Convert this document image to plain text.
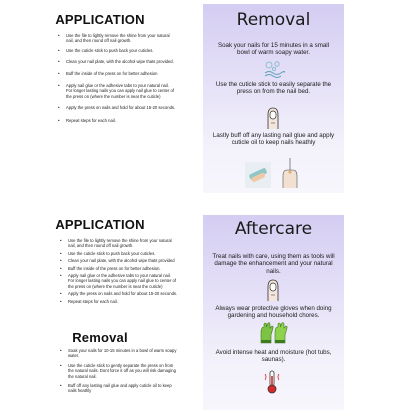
APPLICATION
• Use the file to lightly remove the shine from your natural nail, and then round off nail growth.
• Use the cuticle stick to push back your cuticles.
• Clean your nail plate, with the alcohol wipe thats provided.
• Buff the inside of the press on for better adhesion
• Apply nail glue or the adhesive tabs to your natural nail. For longer lasting nails you can apply nail glue to center of the press on (where the number is near the cuticle)
• Apply the press on nails and hold for about 15-20 seconds.
• Repeat steps for each nail.
Removal
Soak your nails for 15 minutes in a small bowl of warm soapy water.
Use the cuticle stick to easily separate the press on from the nail bed.
Lastly buff off any lasting nail glue and apply cuticle oil to keep nails heathly
APPLICATION
• Use the file to lightly remove the shine from your natural nail, and then round off nail growth.
• Use the cuticle stick to push back your cuticles.
• Clean your nail plate, with the alcohol wipe thats provided
• Buff the inside of the press on for better adhesion.
• Apply nail glue or the adhesive tabs to your natural nail. For longer lasting nails you can apply nail glue to center of the press on (where the number is near the cuticle)
• Apply the press on nails and hold for about 15-20 seconds.
• Repeat steps for each nail.
Removal
• Soak your nails for 10-15 minutes in a bowl of warm soapy water.
• Use the cuticle stick to gently separate the press on from the natural nails. Dont force it off as you will risk damaging the natural nail.
• Buff off any lasting nail glue and apply cuticle oil to keep nails heathly
Aftercare
Treat nails with care, using them as tools will damage the enhancement and your natural nails.
Always wear protective gloves when doing gardening and household chores.
Avoid intense heat and moisture (hot tubs, saunas).
